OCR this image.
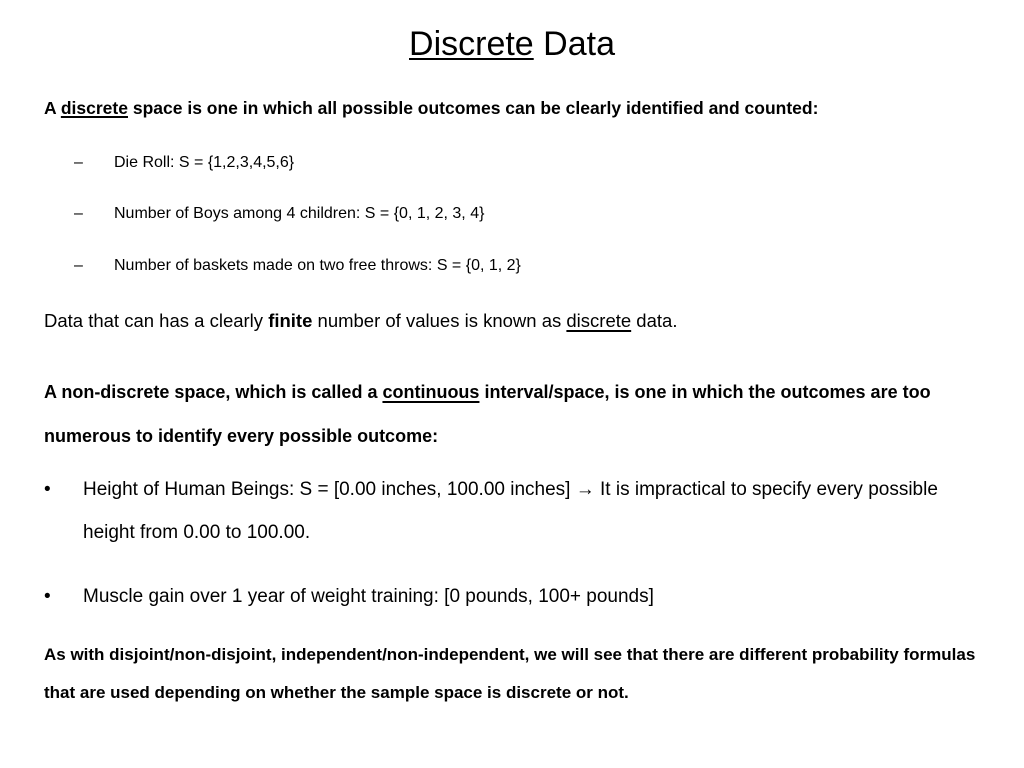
Discrete Data
A discrete space is one in which all possible outcomes can be clearly identified and counted:
– Die Roll: S = {1,2,3,4,5,6}
– Number of Boys among 4 children: S = {0, 1, 2, 3, 4}
– Number of baskets made on two free throws: S = {0, 1, 2}
Data that can has a clearly finite number of values is known as discrete data.
A non-discrete space, which is called a continuous interval/space, is one in which the outcomes are too numerous to identify every possible outcome:
• Height of Human Beings: S = [0.00 inches, 100.00 inches] → It is impractical to specify every possible height from 0.00 to 100.00.
• Muscle gain over 1 year of weight training: [0 pounds, 100+ pounds]
As with disjoint/non-disjoint, independent/non-independent, we will see that there are different probability formulas that are used depending on whether the sample space is discrete or not.
